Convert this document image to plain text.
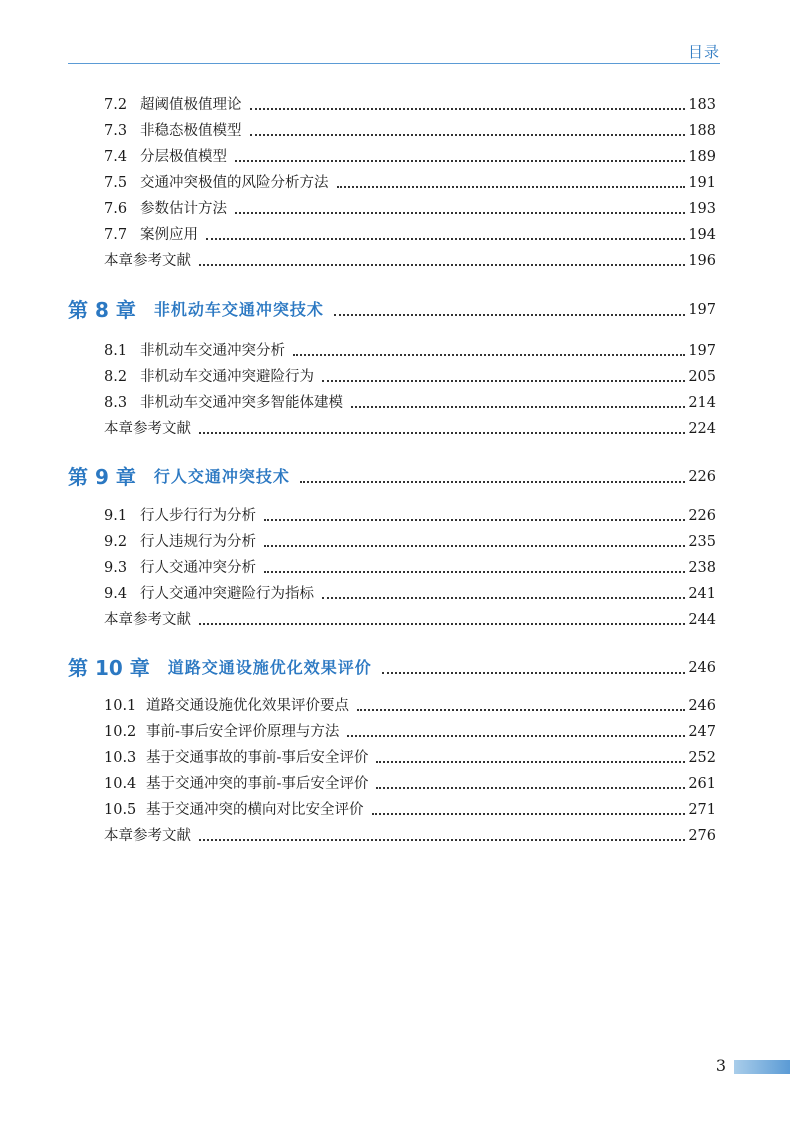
目录
7.2 超阈值极值理论	183
7.3 非稳态极值模型	188
7.4 分层极值模型	189
7.5 交通冲突极值的风险分析方法	191
7.6 参数估计方法	193
7.7 案例应用	194
本章参考文献	196
第 8 章 非机动车交通冲突技术	197
8.1 非机动车交通冲突分析	197
8.2 非机动车交通冲突避险行为	205
8.3 非机动车交通冲突多智能体建模	214
本章参考文献	224
第 9 章 行人交通冲突技术	226
9.1 行人步行行为分析	226
9.2 行人违规行为分析	235
9.3 行人交通冲突分析	238
9.4 行人交通冲突避险行为指标	241
本章参考文献	244
第 10 章 道路交通设施优化效果评价	246
10.1 道路交通设施优化效果评价要点	246
10.2 事前-事后安全评价原理与方法	247
10.3 基于交通事故的事前-事后安全评价	252
10.4 基于交通冲突的事前-事后安全评价	261
10.5 基于交通冲突的横向对比安全评价	271
本章参考文献	276
3
